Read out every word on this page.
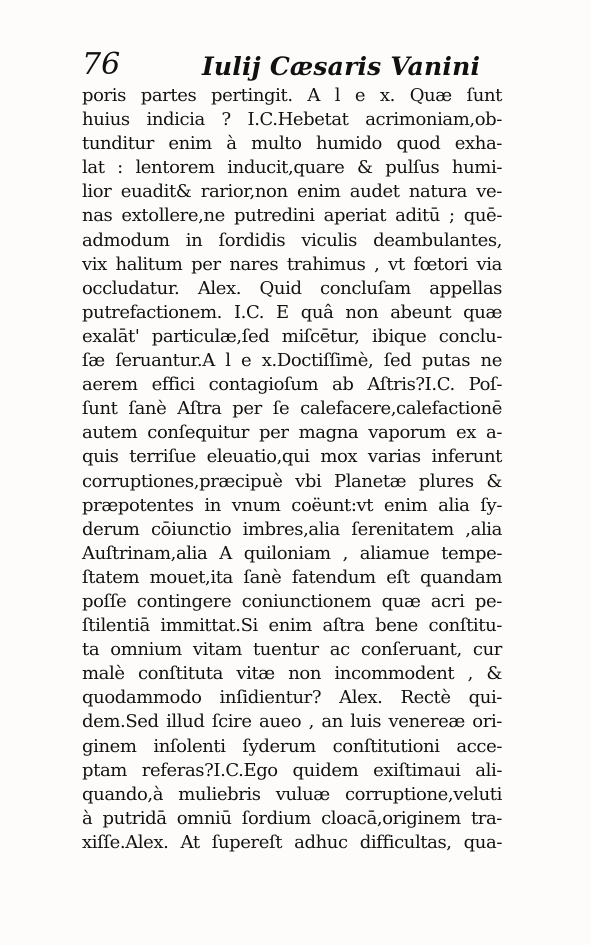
76	Iulij Cæsaris Vanini
poris partes pertingit. A l e x. Quæ ſunt
huius indicia ? I.C.Hebetat acrimoniam,ob-
tunditur enim à multo humido quod exha-
lat : lentorem inducit,quare & pulſus humi-
lior euadit& rarior,non enim audet natura ve-
nas extollere,ne putredini aperiat aditū ; quē-
admodum in ſordidis viculis deambulantes,
vix halitum per nares trahimus , vt fœtori via
occludatur. Alex. Quid concluſam appellas
putrefactionem. I.C. E quâ non abeunt quæ
exalāt' particulæ,ſed miſcētur, ibique conclu-
ſæ ſeruantur.A l e x.Doctiſſimè, ſed putas ne
aerem effici contagioſum ab Aſtris?I.C. Poſ-
ſunt ſanè Aſtra per ſe calefacere,calefactionē
autem conſequitur per magna vaporum ex a-
quis terriſue eleuatio,qui mox varias inferunt
corruptiones,præcipuè vbi Planetæ plures &
præpotentes in vnum coëunt:vt enim alia ſy-
derum cōiunctio imbres,alia ſerenitatem ,alia
Auſtrinam,alia A quiloniam , aliamue tempe-
ſtatem mouet,ita ſanè fatendum eſt quandam
poſſe contingere coniunctionem quæ acri pe-
ſtilentiā immittat.Si enim aſtra bene conſtitu-
ta omnium vitam tuentur ac conſeruant, cur
malè conſtituta vitæ non incommodent , &
quodammodo inſidientur? Alex. Rectè qui-
dem.Sed illud ſcire aueo , an luis venereæ ori-
ginem inſolenti ſyderum conſtitutioni acce-
ptam referas?I.C.Ego quidem exiſtimaui ali-
quando,à muliebris vuluæ corruptione,veluti
à putridā omniū ſordium cloacā,originem tra-
xiſſe.Alex. At ſupereſt adhuc difficultas, qua-
